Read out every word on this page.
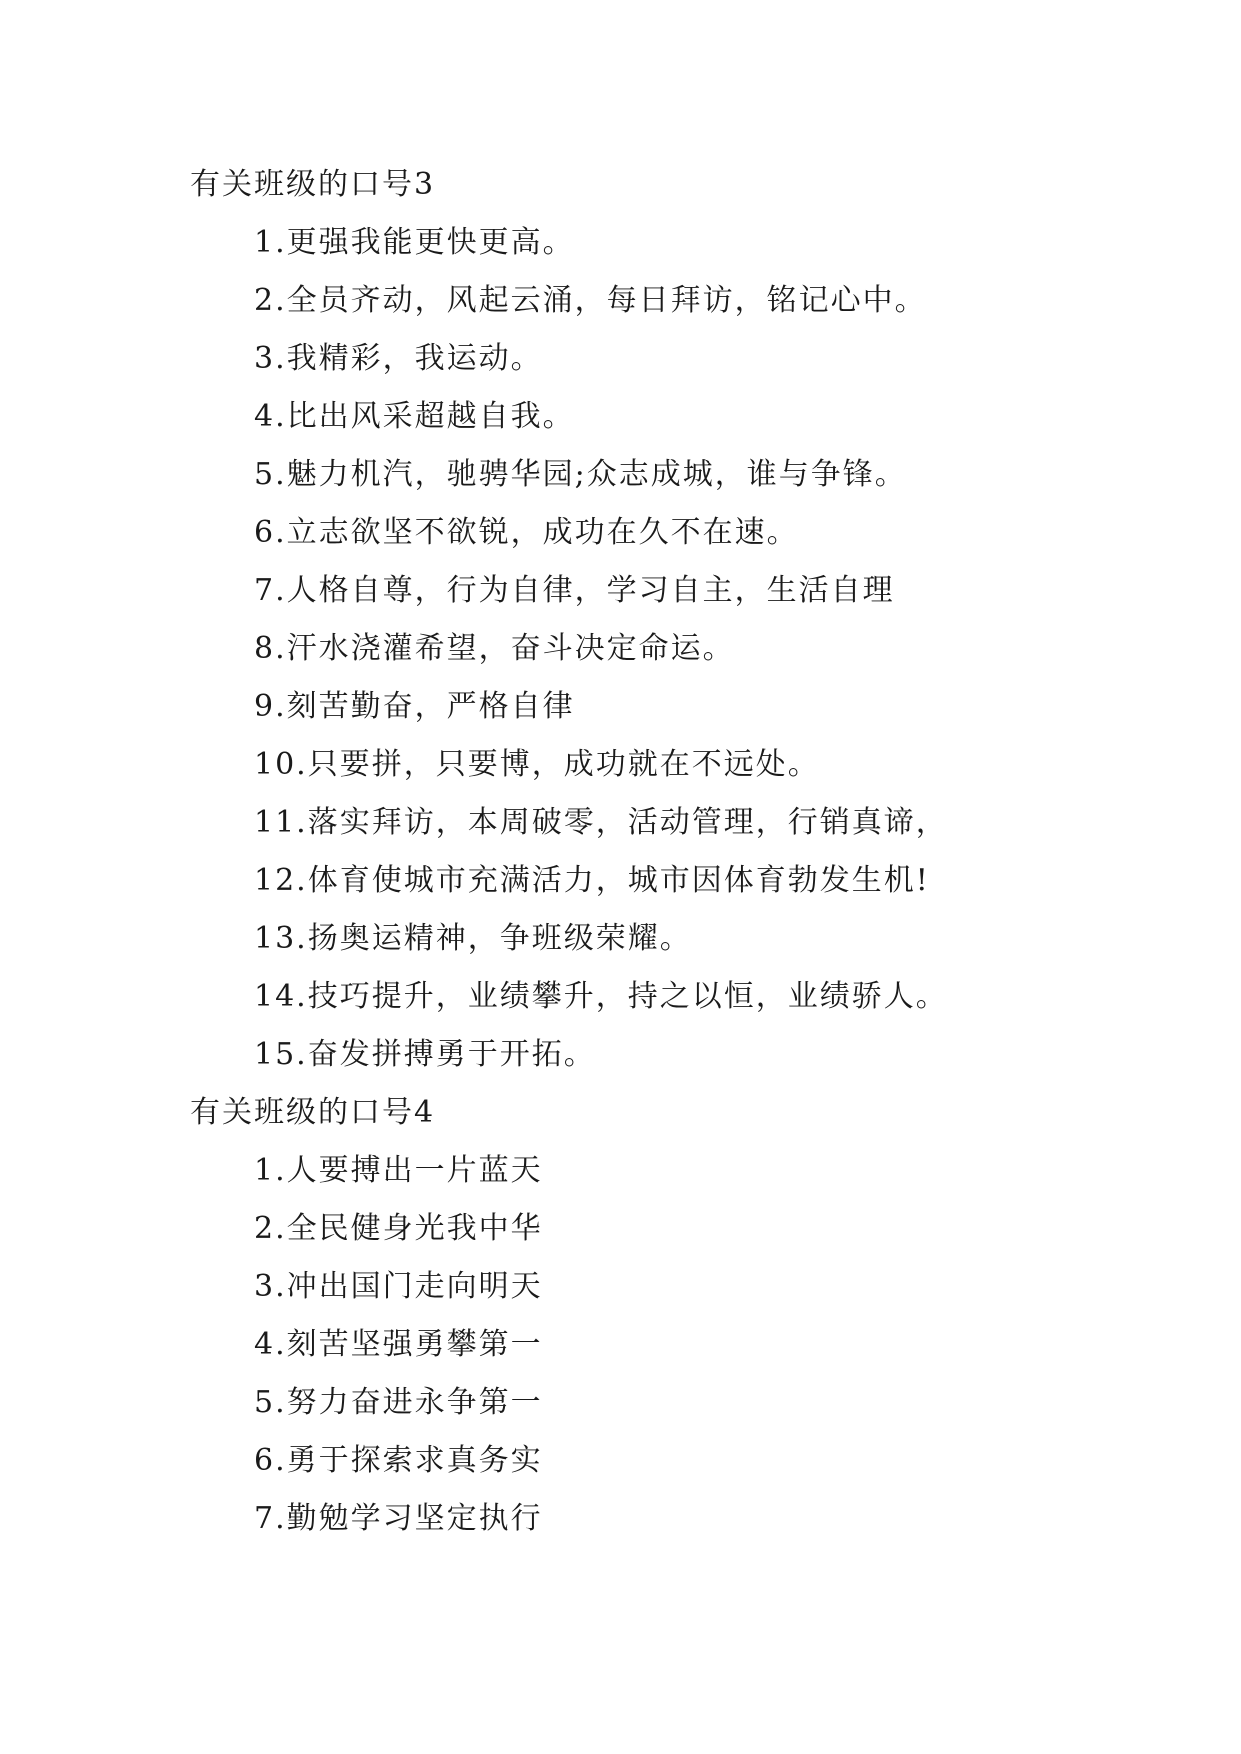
有关班级的口号3
1.更强我能更快更高。
2.全员齐动，风起云涌，每日拜访，铭记心中。
3.我精彩，我运动。
4.比出风采超越自我。
5.魅力机汽，驰骋华园;众志成城，谁与争锋。
6.立志欲坚不欲锐，成功在久不在速。
7.人格自尊，行为自律，学习自主，生活自理
8.汗水浇灌希望，奋斗决定命运。
9.刻苦勤奋，严格自律
10.只要拼，只要博，成功就在不远处。
11.落实拜访，本周破零，活动管理，行销真谛，
12.体育使城市充满活力，城市因体育勃发生机!
13.扬奥运精神，争班级荣耀。
14.技巧提升，业绩攀升，持之以恒，业绩骄人。
15.奋发拼搏勇于开拓。
有关班级的口号4
1.人要搏出一片蓝天
2.全民健身光我中华
3.冲出国门走向明天
4.刻苦坚强勇攀第一
5.努力奋进永争第一
6.勇于探索求真务实
7.勤勉学习坚定执行
